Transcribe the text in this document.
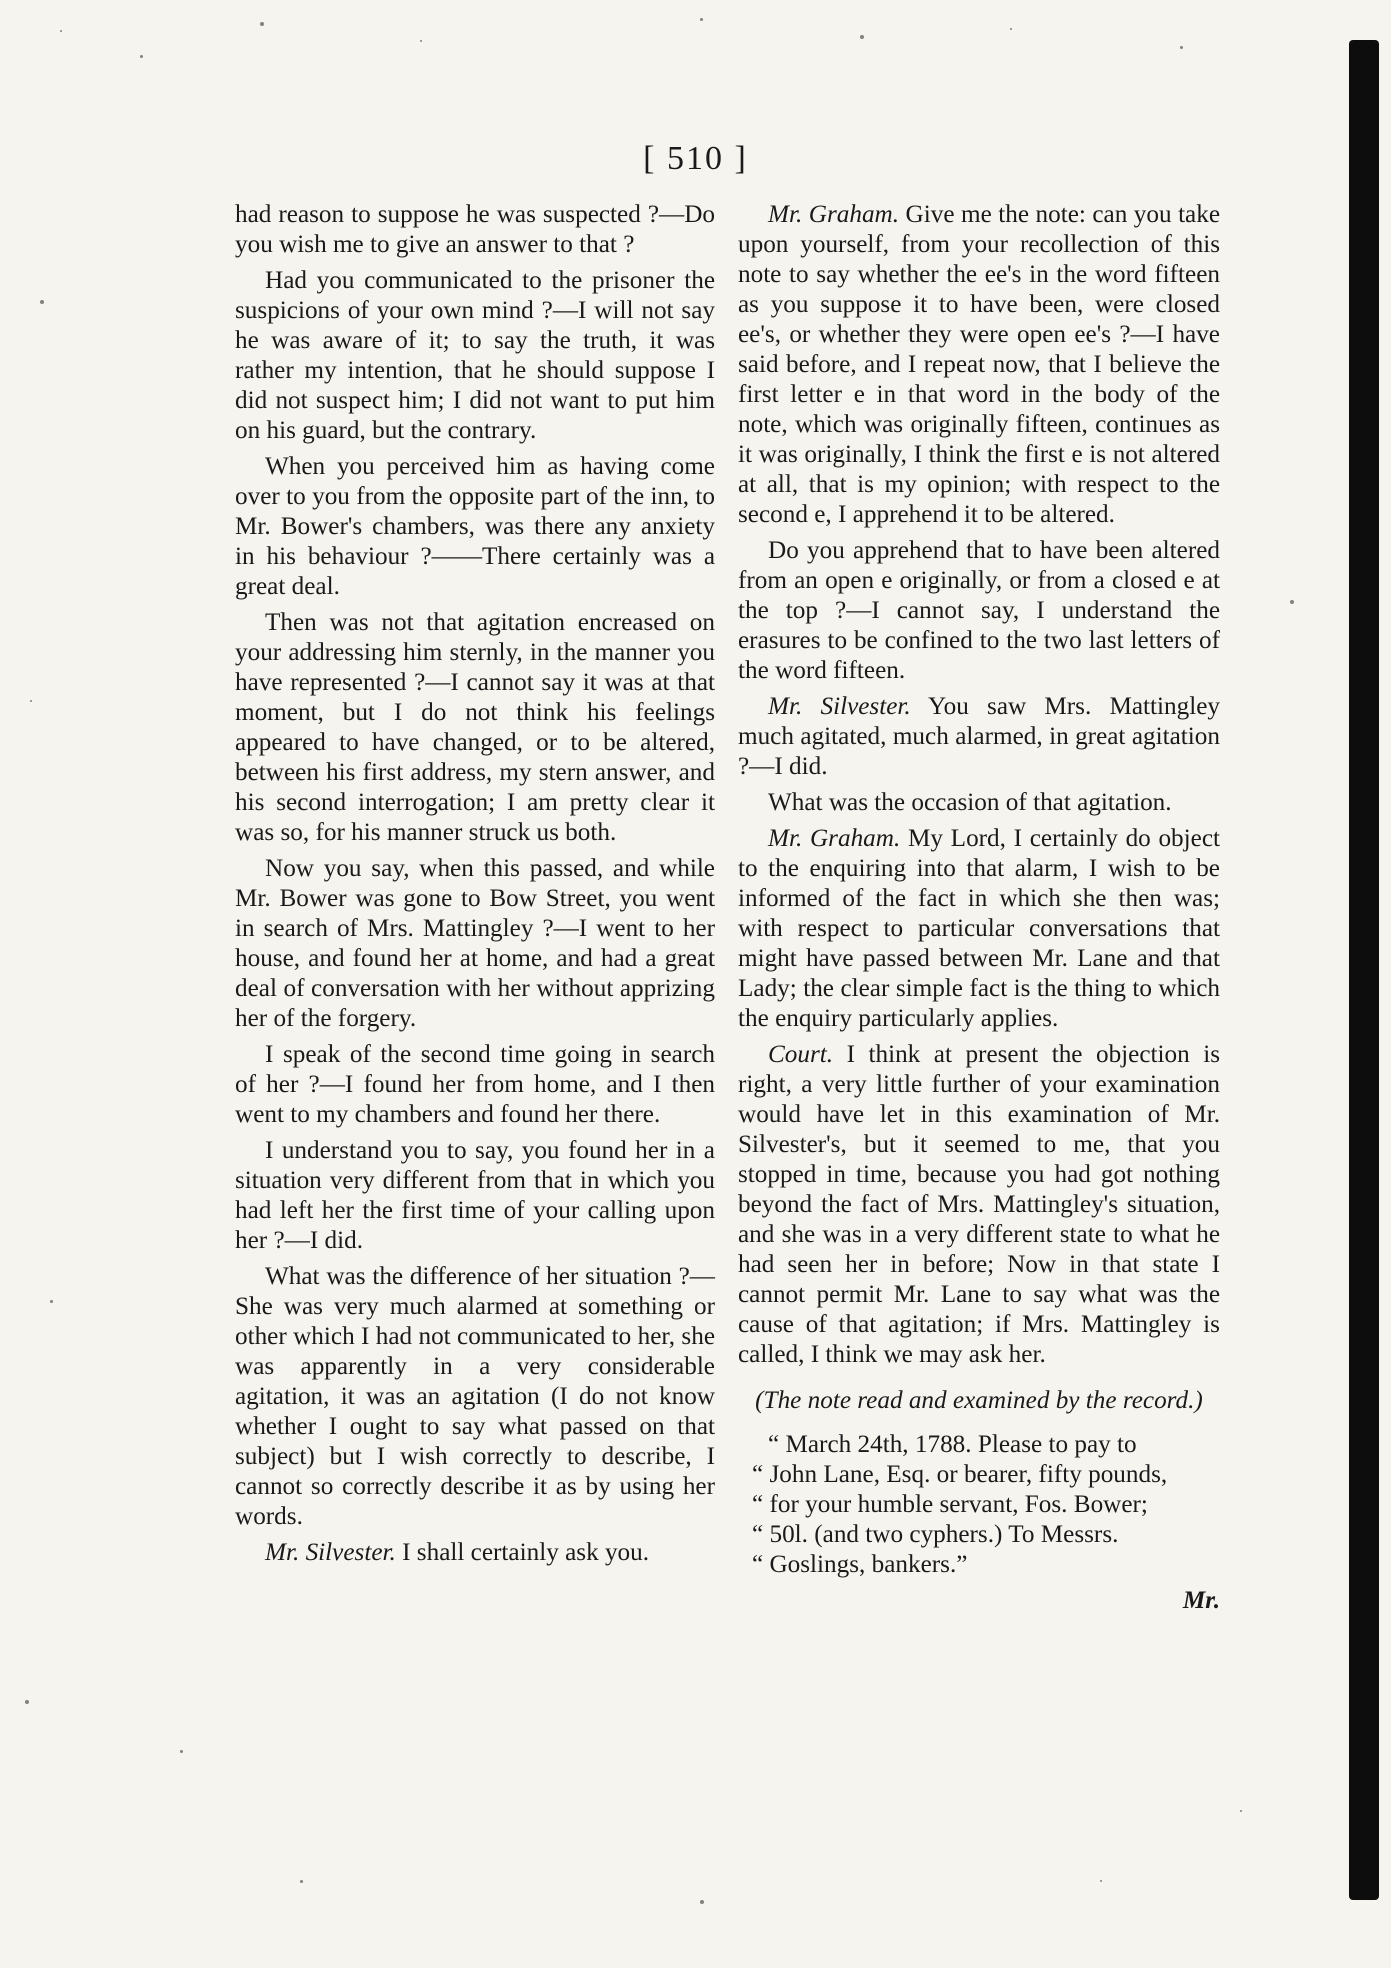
[ 510 ]

had reason to suppose he was suspected ?—Do you wish me to give an answer to that ?

Had you communicated to the prisoner the suspicions of your own mind ?—I will not say he was aware of it; to say the truth, it was rather my intention, that he should suppose I did not suspect him; I did not want to put him on his guard, but the contrary.

When you perceived him as having come over to you from the opposite part of the inn, to Mr. Bower's chambers, was there any anxiety in his behaviour ?——There certainly was a great deal.

Then was not that agitation encreased on your addressing him sternly, in the manner you have represented ?—I cannot say it was at that moment, but I do not think his feelings appeared to have changed, or to be altered, between his first address, my stern answer, and his second interrogation; I am pretty clear it was so, for his manner struck us both.

Now you say, when this passed, and while Mr. Bower was gone to Bow Street, you went in search of Mrs. Mattingley ?—I went to her house, and found her at home, and had a great deal of conversation with her without apprizing her of the forgery.

I speak of the second time going in search of her ?—I found her from home, and I then went to my chambers and found her there.

I understand you to say, you found her in a situation very different from that in which you had left her the first time of your calling upon her ?—I did.

What was the difference of her situation ?—She was very much alarmed at something or other which I had not communicated to her, she was apparently in a very considerable agitation, it was an agitation (I do not know whether I ought to say what passed on that subject) but I wish correctly to describe, I cannot so correctly describe it as by using her words.

Mr. Silvester. I shall certainly ask you.

Mr. Graham. Give me the note: can you take upon yourself, from your recollection of this note to say whether the ee's in the word fifteen as you suppose it to have been, were closed ee's, or whether they were open ee's ?—I have said before, and I repeat now, that I believe the first letter e in that word in the body of the note, which was originally fifteen, continues as it was originally, I think the first e is not altered at all, that is my opinion; with respect to the second e, I apprehend it to be altered.

Do you apprehend that to have been altered from an open e originally, or from a closed e at the top ?—I cannot say, I understand the erasures to be confined to the two last letters of the word fifteen.

Mr. Silvester. You saw Mrs. Mattingley much agitated, much alarmed, in great agitation ?—I did.

What was the occasion of that agitation.

Mr. Graham. My Lord, I certainly do object to the enquiring into that alarm, I wish to be informed of the fact in which she then was; with respect to particular conversations that might have passed between Mr. Lane and that Lady; the clear simple fact is the thing to which the enquiry particularly applies.

Court. I think at present the objection is right, a very little further of your examination would have let in this examination of Mr. Silvester's, but it seemed to me, that you stopped in time, because you had got nothing beyond the fact of Mrs. Mattingley's situation, and she was in a very different state to what he had seen her in before; Now in that state I cannot permit Mr. Lane to say what was the cause of that agitation; if Mrs. Mattingley is called, I think we may ask her.

(The note read and examined by the record.)

“ March 24th, 1788. Please to pay to

“ John Lane, Esq. or bearer, fifty pounds,

“ for your humble servant, Fos. Bower;

“ 50l. (and two cyphers.) To Messrs.

“ Goslings, bankers.”

Mr.
